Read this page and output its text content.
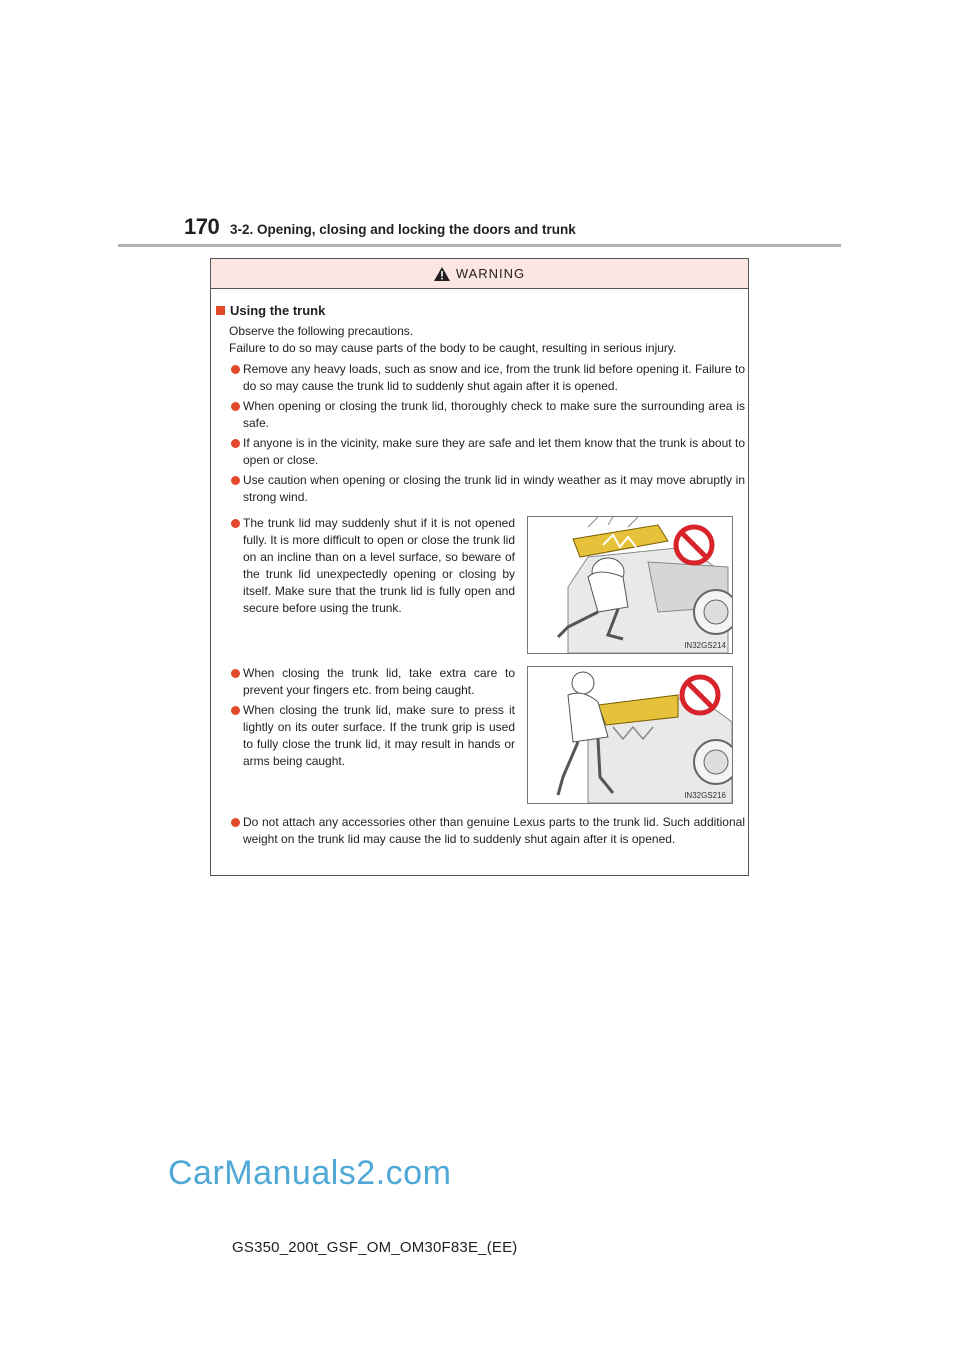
170 3-2. Opening, closing and locking the doors and trunk
WARNING
Using the trunk
Observe the following precautions.
Failure to do so may cause parts of the body to be caught, resulting in serious injury.
Remove any heavy loads, such as snow and ice, from the trunk lid before opening it. Failure to do so may cause the trunk lid to suddenly shut again after it is opened.
When opening or closing the trunk lid, thoroughly check to make sure the surrounding area is safe.
If anyone is in the vicinity, make sure they are safe and let them know that the trunk is about to open or close.
Use caution when opening or closing the trunk lid in windy weather as it may move abruptly in strong wind.
The trunk lid may suddenly shut if it is not opened fully. It is more difficult to open or close the trunk lid on an incline than on a level surface, so beware of the trunk lid unexpectedly opening or closing by itself. Make sure that the trunk lid is fully open and secure before using the trunk.
IN32GS214
When closing the trunk lid, take extra care to prevent your fingers etc. from being caught.
When closing the trunk lid, make sure to press it lightly on its outer surface. If the trunk grip is used to fully close the trunk lid, it may result in hands or arms being caught.
IN32GS216
Do not attach any accessories other than genuine Lexus parts to the trunk lid. Such additional weight on the trunk lid may cause the lid to suddenly shut again after it is opened.
CarManuals2.com
GS350_200t_GSF_OM_OM30F83E_(EE)
